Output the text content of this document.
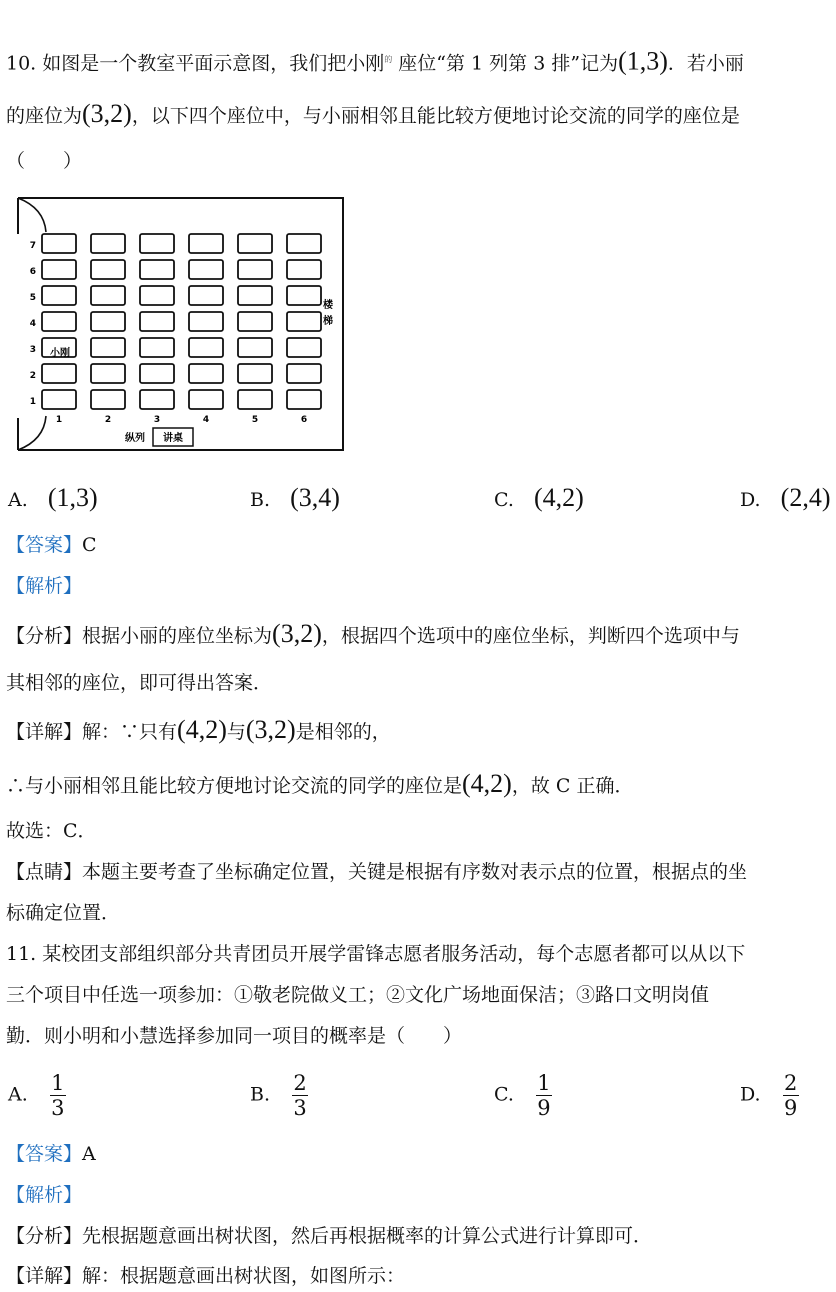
10. 如图是一个教室平面示意图，我们把小刚$^的$ 座位“第 1 列第 3 排”记为(1,3)．若小丽
的座位为(3,2)，以下四个座位中，与小丽相邻且能比较方便地讨论交流的同学的座位是
（　　）
7
6
5
4
3
2
1
1	2	3	4	5	6
小刚
楼
梯
纵列 讲桌
A. (1,3)	B. (3,4)	C. (4,2)	D. (2,4)
【答案】C
【解析】
【分析】根据小丽的座位坐标为(3,2)，根据四个选项中的座位坐标，判断四个选项中与
其相邻的座位，即可得出答案．
【详解】解：∵只有(4,2)与(3,2)是相邻的，
∴与小丽相邻且能比较方便地讨论交流的同学的座位是(4,2)，故 C 正确．
故选：C．
【点睛】本题主要考查了坐标确定位置，关键是根据有序数对表示点的位置，根据点的坐
标确定位置．
11. 某校团支部组织部分共青团员开展学雷锋志愿者服务活动，每个志愿者都可以从以下
三个项目中任选一项参加：①敬老院做义工；②文化广场地面保洁；③路口文明岗值
勤．则小明和小慧选择参加同一项目的概率是（　　）
A. $\frac{1}{3}$	B. $\frac{2}{3}$	C. $\frac{1}{9}$	D. $\frac{2}{9}$
【答案】A
【解析】
【分析】先根据题意画出树状图，然后再根据概率的计算公式进行计算即可．
【详解】解：根据题意画出树状图，如图所示：
